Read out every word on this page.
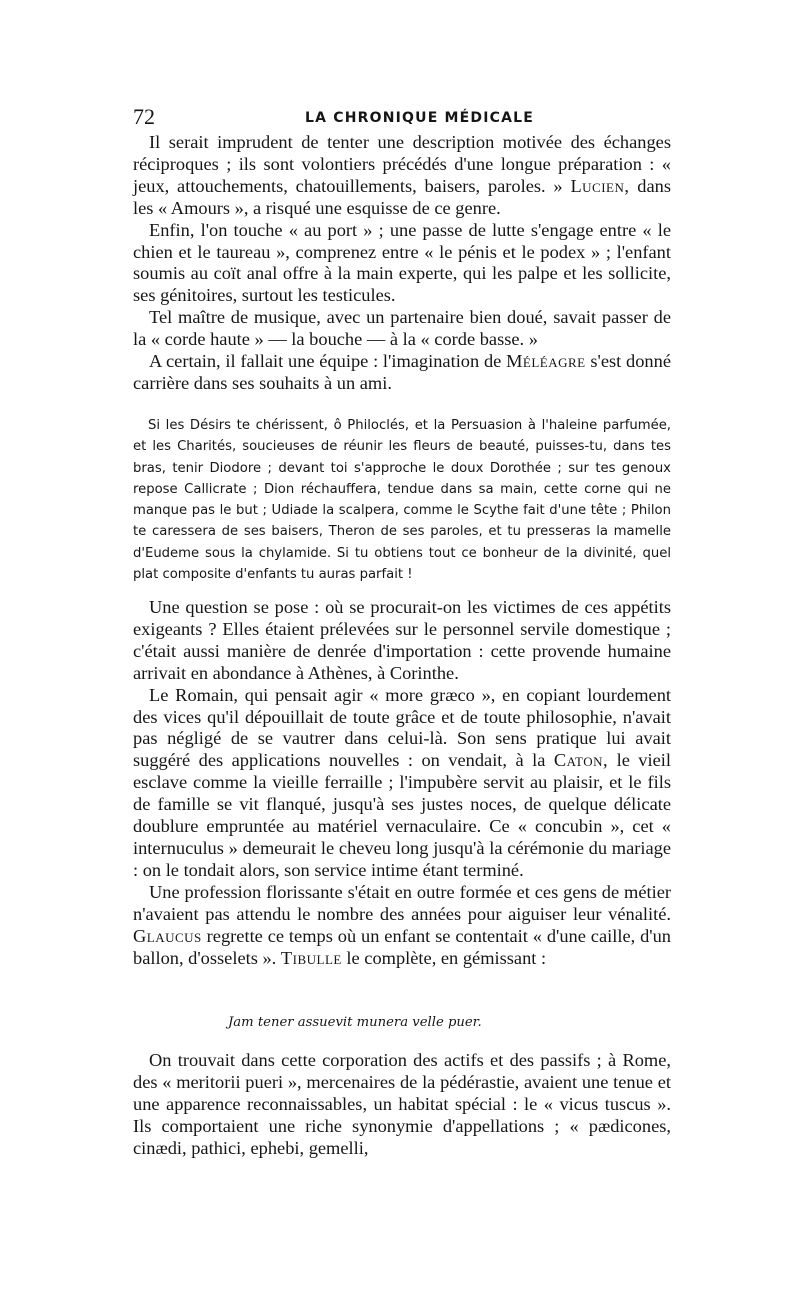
72	LA CHRONIQUE MÉDICALE

Il serait imprudent de tenter une description motivée des échanges réciproques ; ils sont volontiers précédés d'une longue préparation : « jeux, attouchements, chatouillements, baisers, paroles. » Lucien, dans les « Amours », a risqué une esquisse de ce genre.

Enfin, l'on touche « au port » ; une passe de lutte s'engage entre « le chien et le taureau », comprenez entre « le pénis et le podex » ; l'enfant soumis au coït anal offre à la main experte, qui les palpe et les sollicite, ses génitoires, surtout les testicules.

Tel maître de musique, avec un partenaire bien doué, savait passer de la « corde haute » — la bouche — à la « corde basse. »

A certain, il fallait une équipe : l'imagination de Méléagre s'est donné carrière dans ses souhaits à un ami.

Si les Désirs te chérissent, ô Philoclés, et la Persuasion à l'haleine parfumée, et les Charités, soucieuses de réunir les fleurs de beauté, puisses-tu, dans tes bras, tenir Diodore ; devant toi s'approche le doux Dorothée ; sur tes genoux repose Callicrate ; Dion réchauffera, tendue dans sa main, cette corne qui ne manque pas le but ; Udiade la scalpera, comme le Scythe fait d'une tête ; Philon te caressera de ses baisers, Theron de ses paroles, et tu presseras la mamelle d'Eudeme sous la chylamide. Si tu obtiens tout ce bonheur de la divinité, quel plat composite d'enfants tu auras parfait !

Une question se pose : où se procurait-on les victimes de ces appétits exigeants ? Elles étaient prélevées sur le personnel servile domestique ; c'était aussi manière de denrée d'importation : cette provende humaine arrivait en abondance à Athènes, à Corinthe.

Le Romain, qui pensait agir « more græco », en copiant lourdement des vices qu'il dépouillait de toute grâce et de toute philosophie, n'avait pas négligé de se vautrer dans celui-là. Son sens pratique lui avait suggéré des applications nouvelles : on vendait, à la Caton, le vieil esclave comme la vieille ferraille ; l'impubère servit au plaisir, et le fils de famille se vit flanqué, jusqu'à ses justes noces, de quelque délicate doublure empruntée au matériel vernaculaire. Ce « concubin », cet « internuculus » demeurait le cheveu long jusqu'à la cérémonie du mariage : on le tondait alors, son service intime étant terminé.

Une profession florissante s'était en outre formée et ces gens de métier n'avaient pas attendu le nombre des années pour aiguiser leur vénalité. Glaucus regrette ce temps où un enfant se contentait « d'une caille, d'un ballon, d'osselets ». Tibulle le complète, en gémissant :

Jam tener assuevit munera velle puer.

On trouvait dans cette corporation des actifs et des passifs ; à Rome, des « meritorii pueri », mercenaires de la pédérastie, avaient une tenue et une apparence reconnaissables, un habitat spécial : le « vicus tuscus ». Ils comportaient une riche synonymie d'appellations ; « pædicones, cinædi, pathici, ephebi, gemelli,
